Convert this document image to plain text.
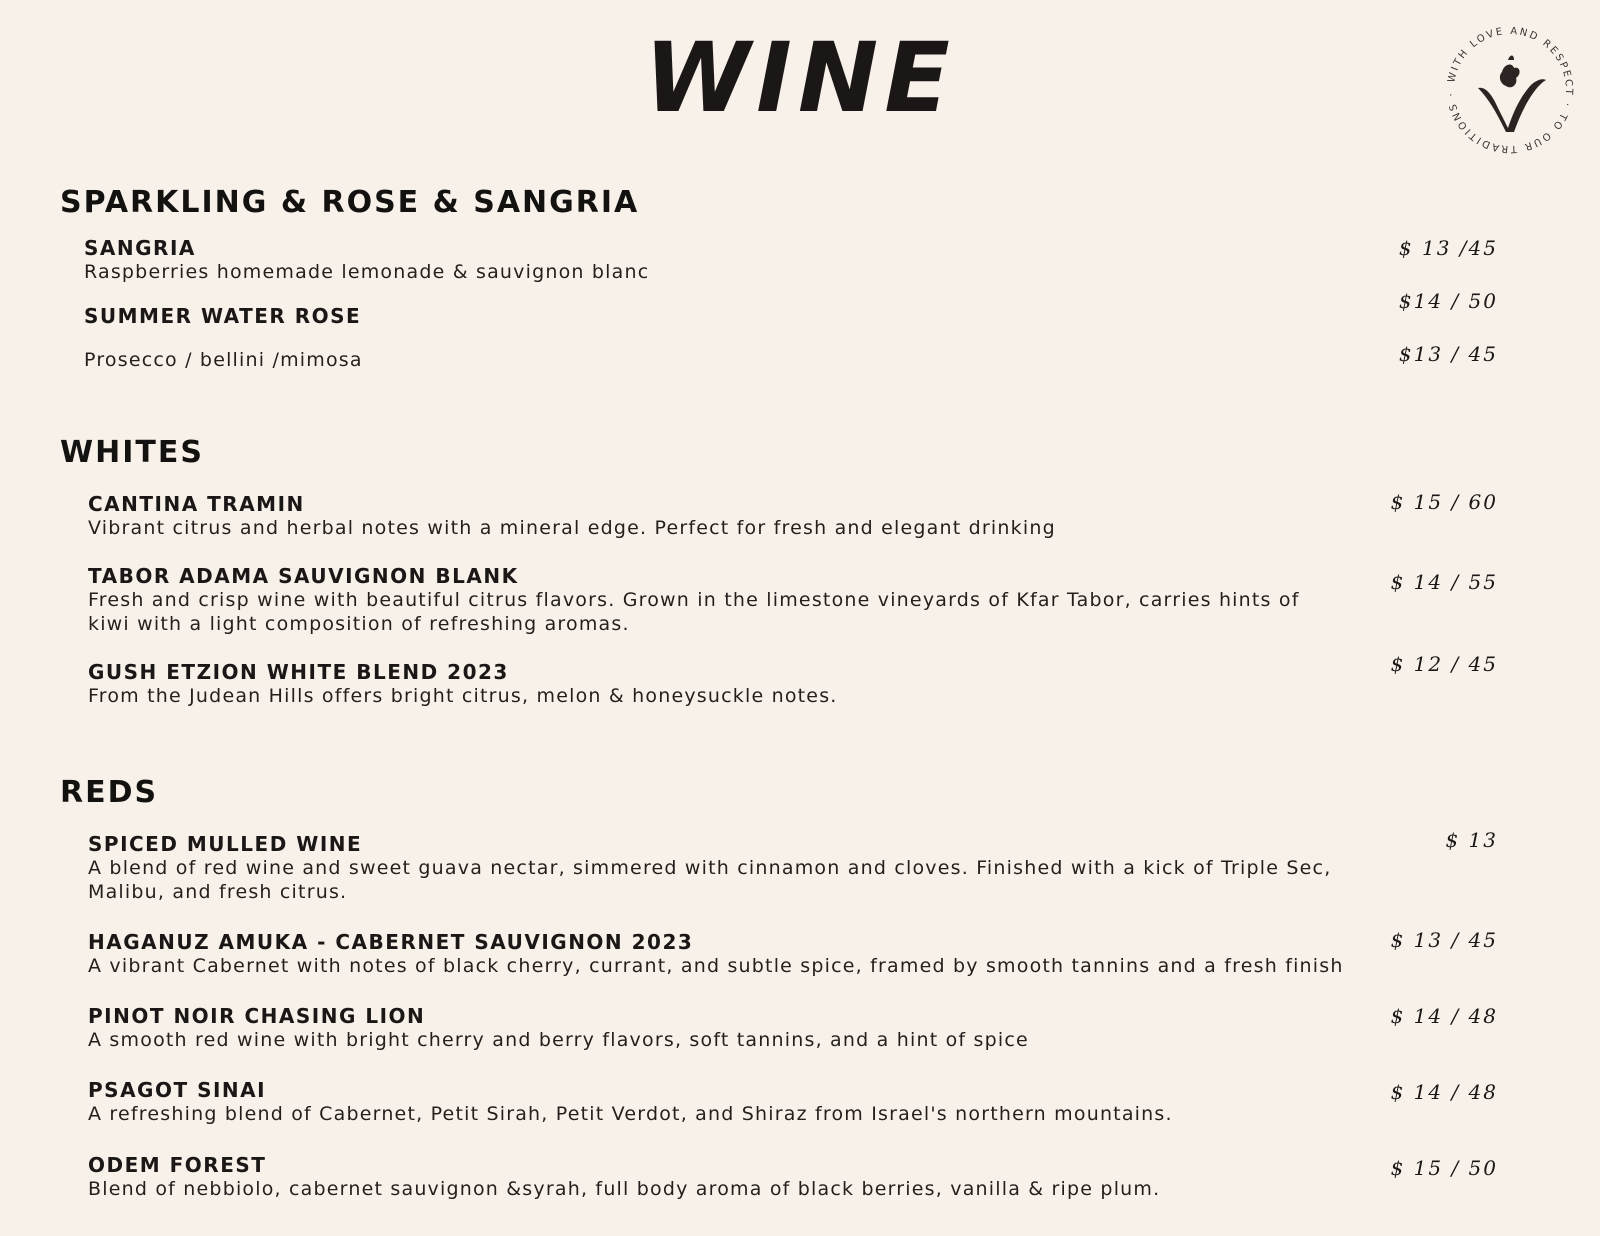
WINE	WITH LOVE AND RESPECT · TO OUR TRADITIONS ·
SPARKLING & ROSE & SANGRIA
SANGRIA
Raspberries homemade lemonade & sauvignon blanc
$ 13 /45
SUMMER WATER ROSE
$14 / 50
Prosecco / bellini /mimosa	$13 / 45
WHITES
CANTINA TRAMIN
Vibrant citrus and herbal notes with a mineral edge. Perfect for fresh and elegant drinking
$ 15 / 60
TABOR ADAMA SAUVIGNON BLANK
Fresh and crisp wine with beautiful citrus flavors. Grown in the limestone vineyards of Kfar Tabor, carries hints of kiwi with a light composition of refreshing aromas.
$ 14 / 55
GUSH ETZION WHITE BLEND 2023
From the Judean Hills offers bright citrus, melon & honeysuckle notes.
$ 12 / 45
REDS
SPICED MULLED WINE
A blend of red wine and sweet guava nectar, simmered with cinnamon and cloves. Finished with a kick of Triple Sec, Malibu, and fresh citrus.
$ 13
HAGANUZ AMUKA - CABERNET SAUVIGNON 2023
A vibrant Cabernet with notes of black cherry, currant, and subtle spice, framed by smooth tannins and a fresh finish
$ 13 / 45
PINOT NOIR CHASING LION
A smooth red wine with bright cherry and berry flavors, soft tannins, and a hint of spice
$ 14 / 48
PSAGOT SINAI
A refreshing blend of Cabernet, Petit Sirah, Petit Verdot, and Shiraz from Israel's northern mountains.
$ 14 / 48
ODEM FOREST
Blend of nebbiolo, cabernet sauvignon &syrah, full body aroma of black berries, vanilla & ripe plum.
$ 15 / 50
